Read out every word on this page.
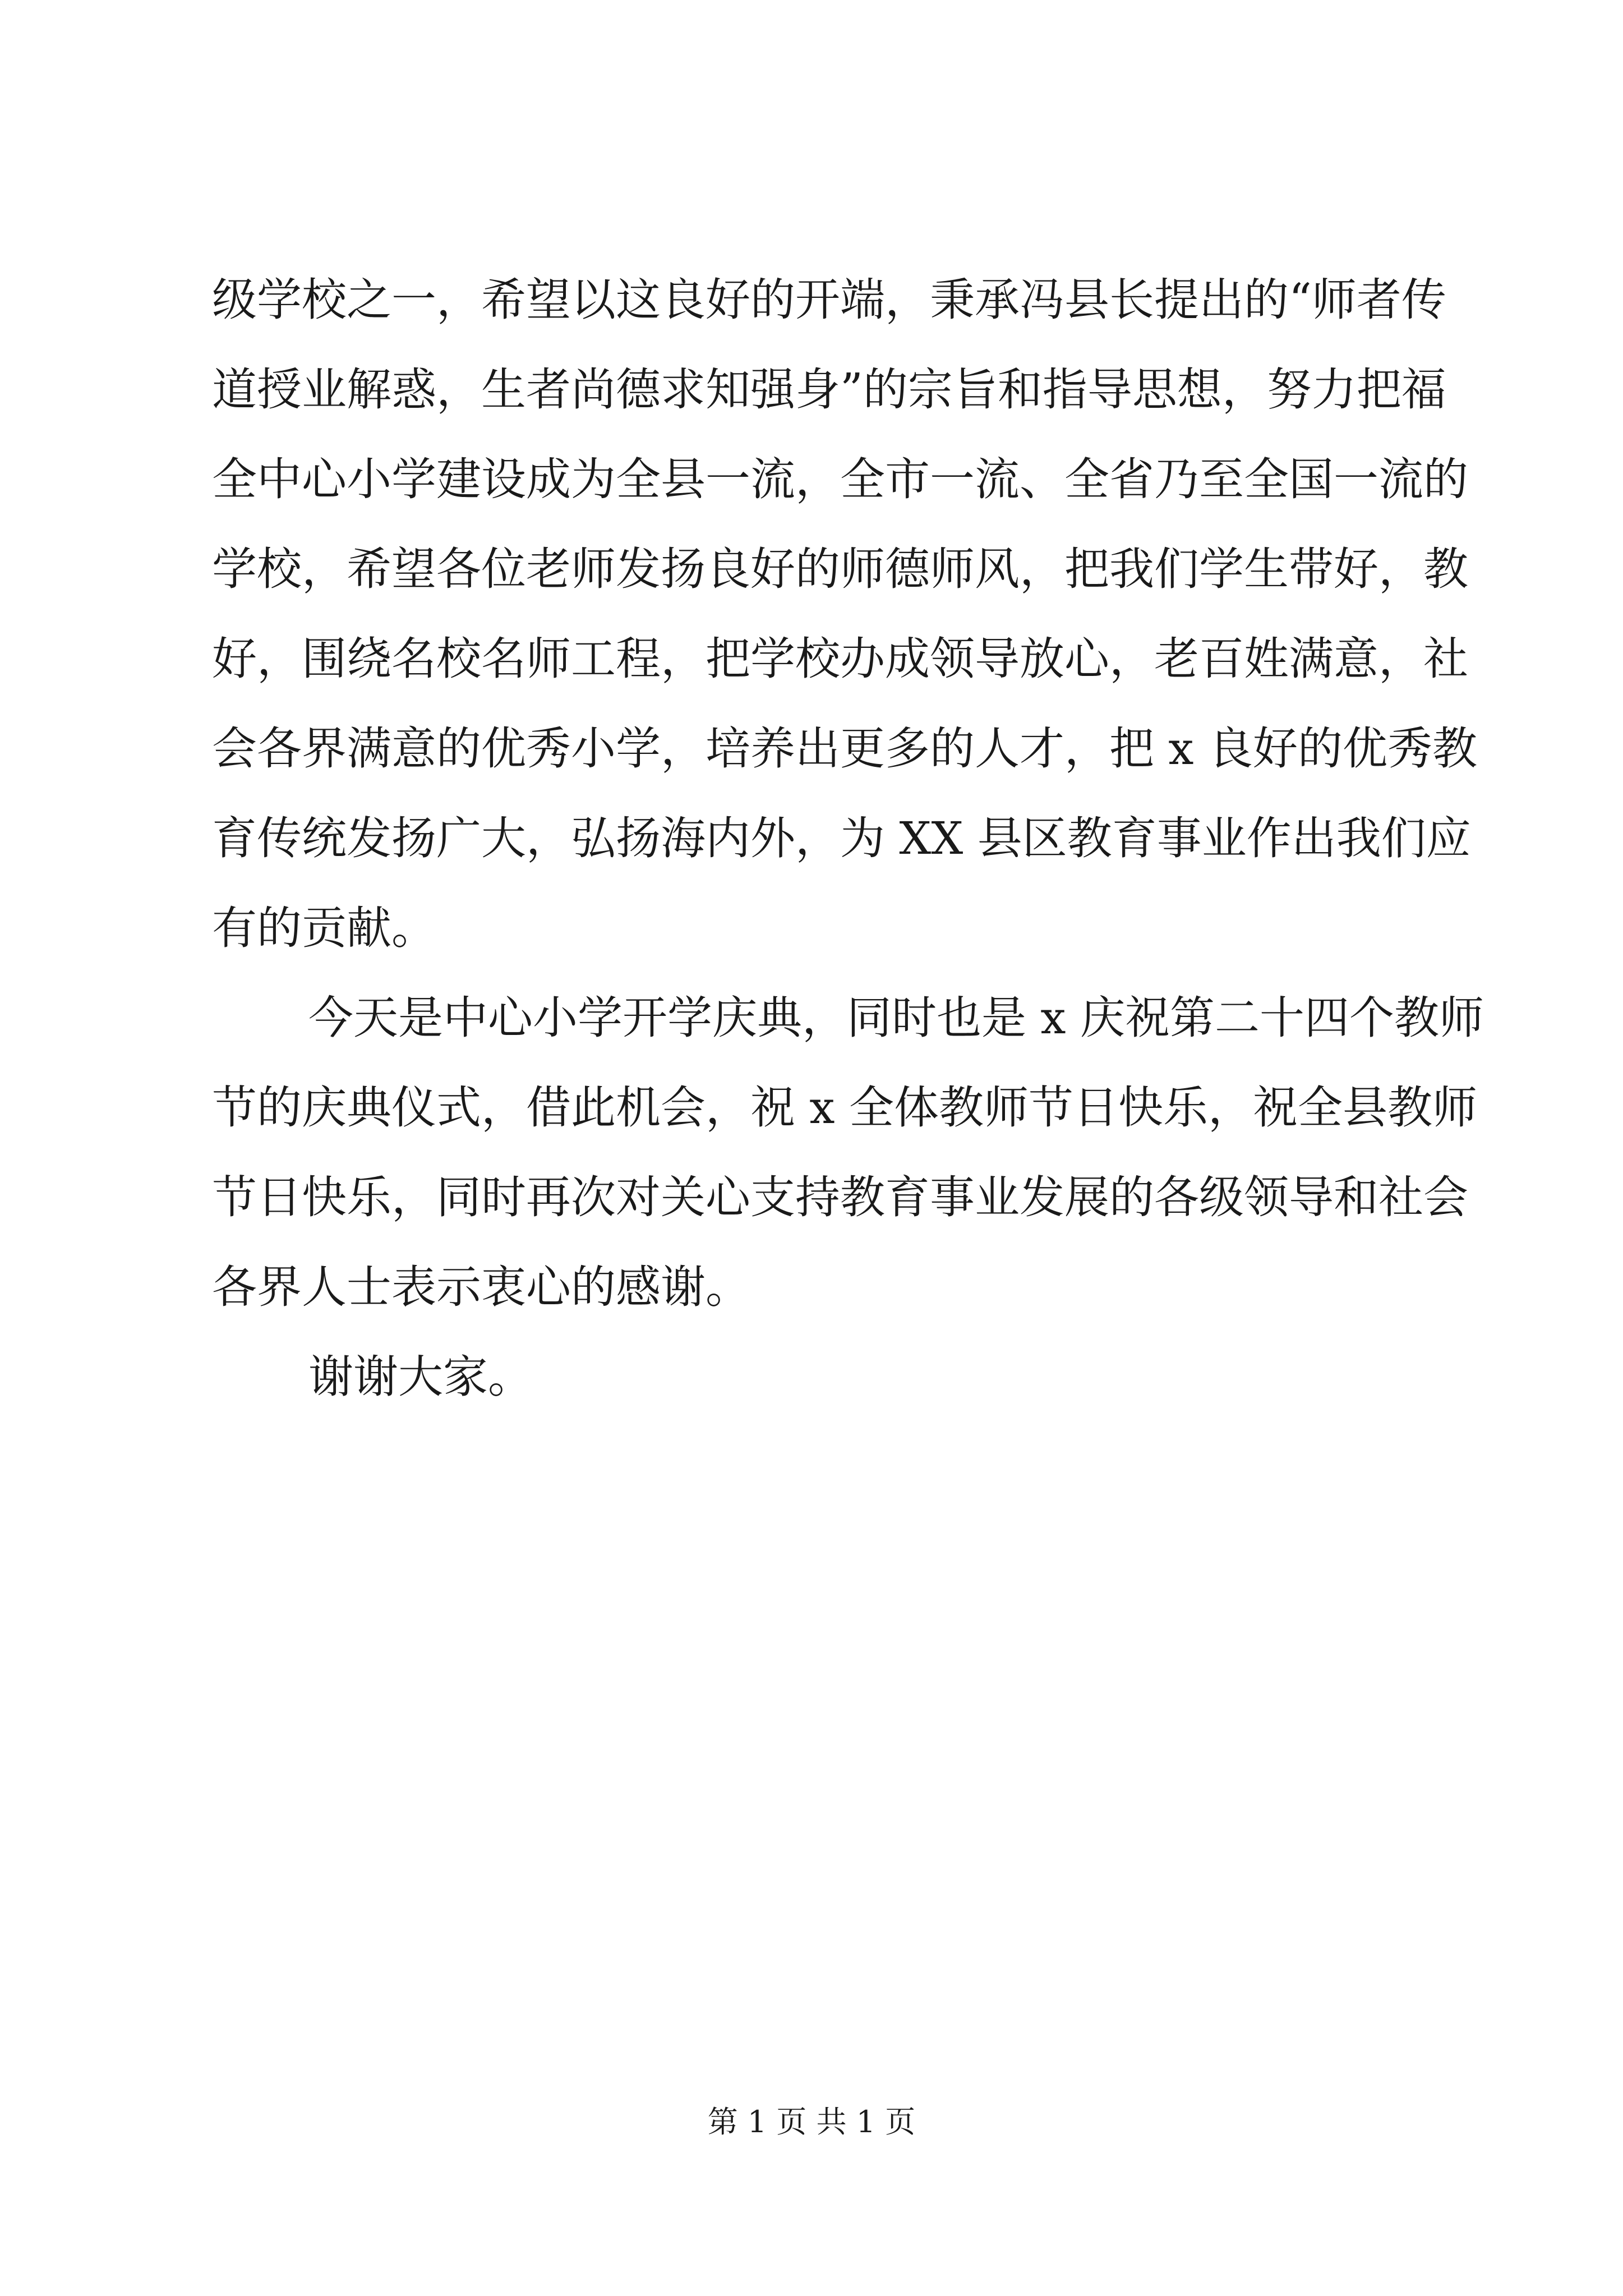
级学校之一，希望以这良好的开端，秉承冯县长提出的“师者传
道授业解惑，生者尚德求知强身”的宗旨和指导思想，努力把福
全中心小学建设成为全县一流，全市一流、全省乃至全国一流的
学校，希望各位老师发扬良好的师德师风，把我们学生带好，教
好，围绕名校名师工程，把学校办成领导放心，老百姓满意，社
会各界满意的优秀小学，培养出更多的人才，把 x 良好的优秀教
育传统发扬广大，弘扬海内外，为 XX 县区教育事业作出我们应
有的贡献。
今天是中心小学开学庆典，同时也是 x 庆祝第二十四个教师
节的庆典仪式，借此机会，祝 x 全体教师节日快乐，祝全县教师
节日快乐，同时再次对关心支持教育事业发展的各级领导和社会
各界人士表示衷心的感谢。
谢谢大家。
第 1 页 共 1 页
